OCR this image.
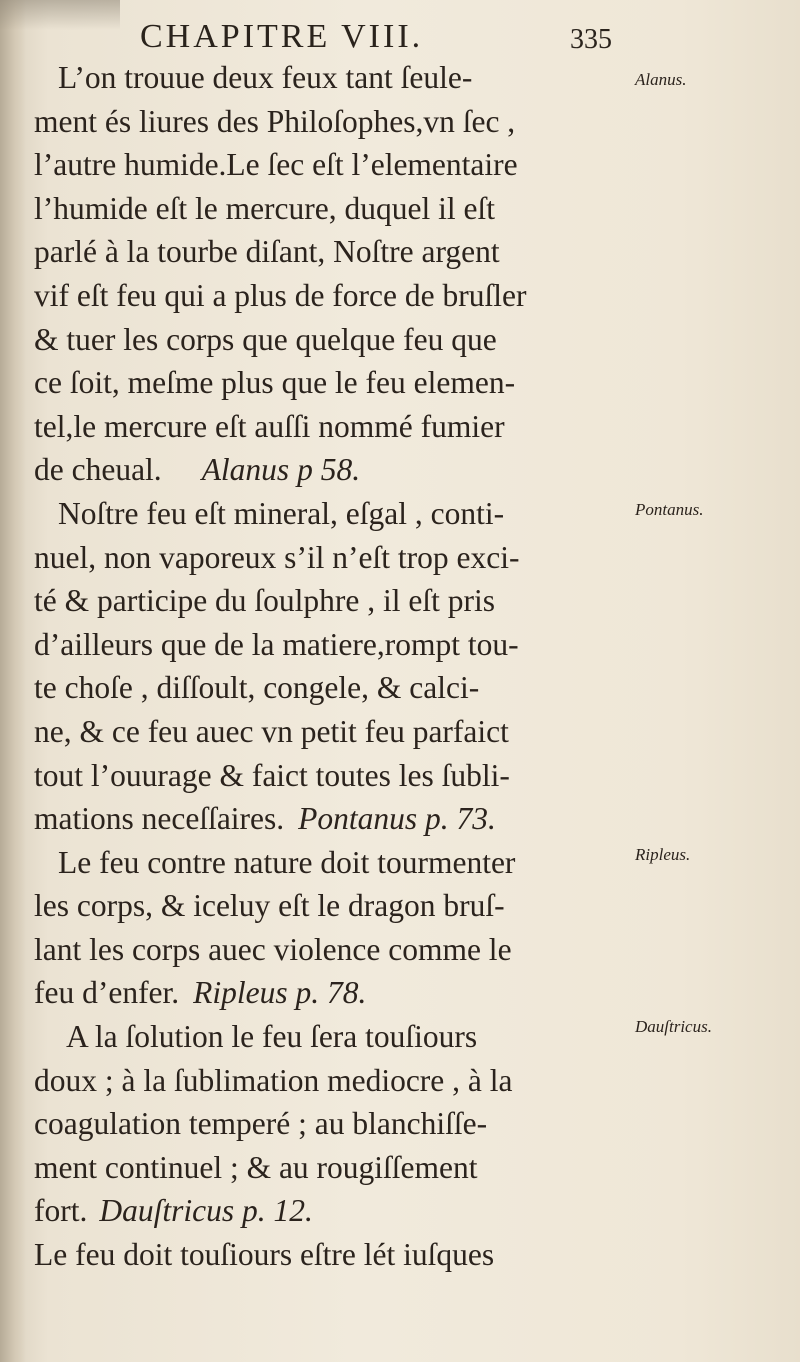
CHAPITRE VIII.	335
L’on trouue deux feux tant ſeule-
ment és liures des Philoſophes,vn ſec ,
l’autre humide.Le ſec eſt l’elementaire
l’humide eſt le mercure, duquel il eſt
parlé à la tourbe diſant, Noſtre argent
vif eſt feu qui a plus de force de bruſler
& tuer les corps que quelque feu que
ce ſoit, meſme plus que le feu elemen-
tel,le mercure eſt auſſi nommé fumier
de cheual. Alanus p 58.
Noſtre feu eſt mineral, eſgal , conti-
nuel, non vaporeux s’il n’eſt trop exci-
té & participe du ſoulphre , il eſt pris
d’ailleurs que de la matiere,rompt tou-
te choſe , diſſoult, congele, & calci-
ne, & ce feu auec vn petit feu parfaict
tout l’ouurage & faict toutes les ſubli-
mations neceſſaires. Pontanus p. 73.
Le feu contre nature doit tourmenter
les corps, & iceluy eſt le dragon bruſ-
lant les corps auec violence comme le
feu d’enfer. Ripleus p. 78.
A la ſolution le feu ſera touſiours
doux ; à la ſublimation mediocre , à la
coagulation temperé ; au blanchiſſe-
ment continuel ; & au rougiſſement
fort. Dauſtricus p. 12.
Le feu doit touſiours eſtre lét iuſques
Alanus.
Pontanus.
Ripleus.
Dauſtricus.
